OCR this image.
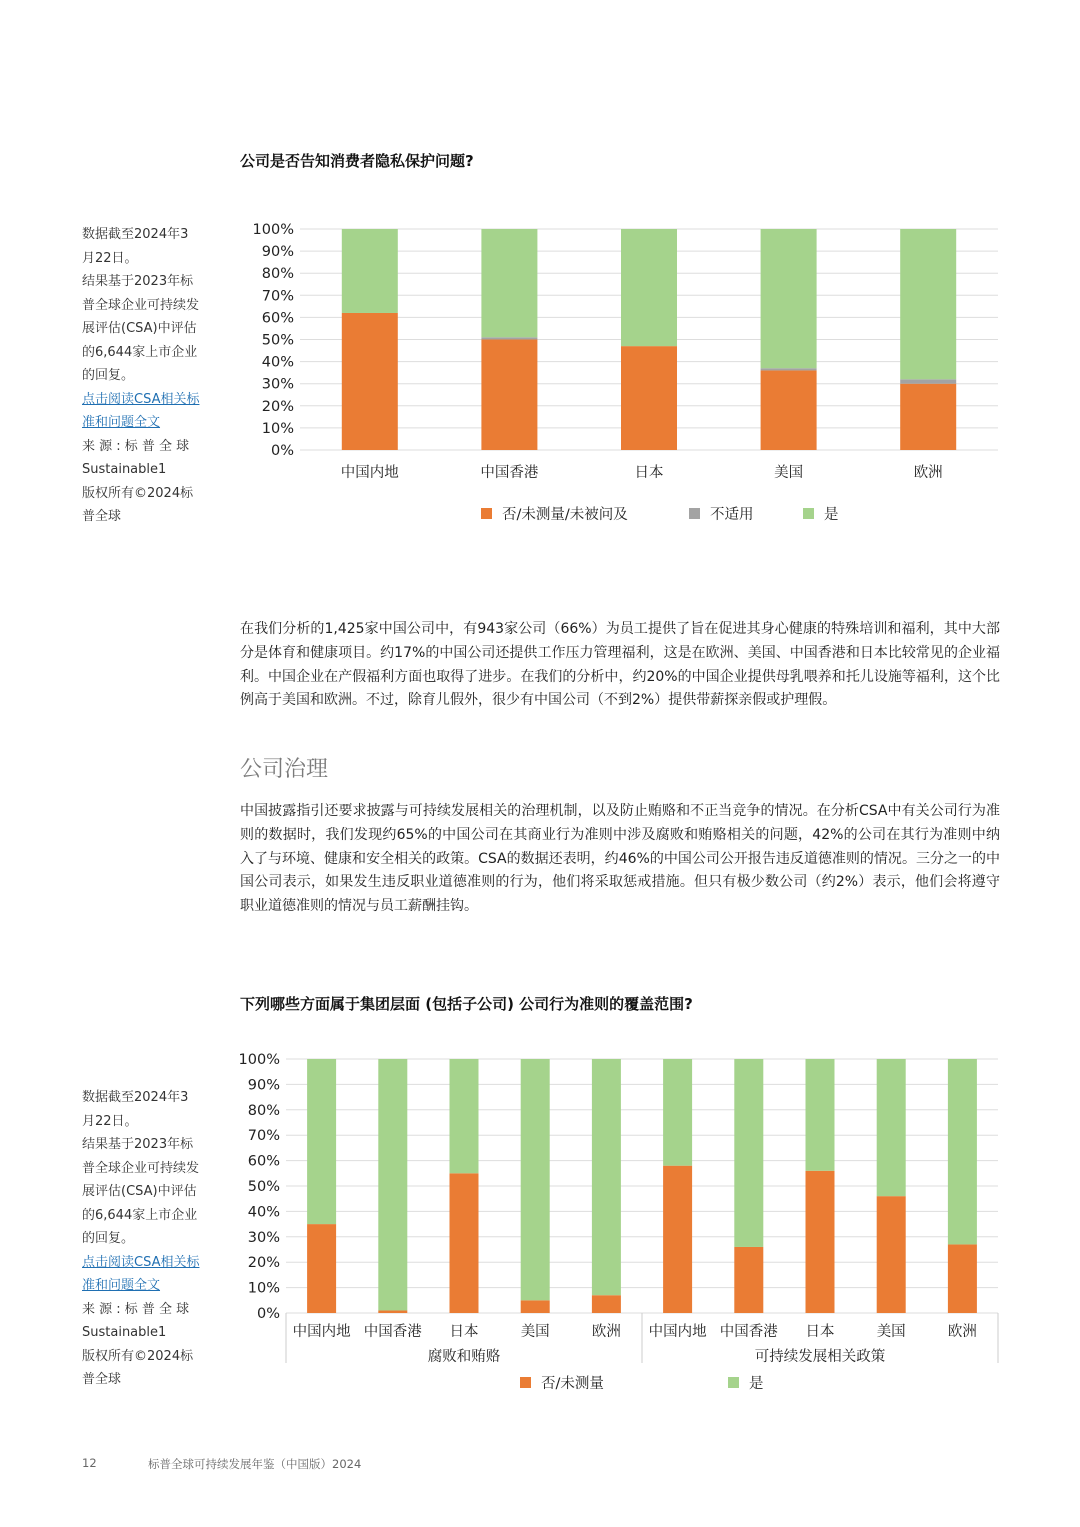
公司是否告知消费者隐私保护问题?
数据截至2024年3
月22日。
结果基于2023年标
普全球企业可持续发
展评估(CSA)中评估
的6,644家上市企业
的回复。
点击阅读CSA相关标
准和问题全文
来 源 : 标 普 全 球
Sustainable1
版权所有©2024标
普全球
0%
10%
20%
30%
40%
50%
60%
70%
80%
90%
100%
中国内地	中国香港	日本	美国	欧洲
否/未测量/未被问及	不适用	是

在我们分析的1,425家中国公司中，有943家公司（66%）为员工提供了旨在促进其身心健康的特殊培训和福利，其中大部分是体育和健康项目。约17%的中国公司还提供工作压力管理福利，这是在欧洲、美国、中国香港和日本比较常见的企业福利。中国企业在产假福利方面也取得了进步。在我们的分析中，约20%的中国企业提供母乳喂养和托儿设施等福利，这个比例高于美国和欧洲。不过，除育儿假外，很少有中国公司（不到2%）提供带薪探亲假或护理假。

公司治理

中国披露指引还要求披露与可持续发展相关的治理机制，以及防止贿赂和不正当竞争的情况。在分析CSA中有关公司行为准则的数据时，我们发现约65%的中国公司在其商业行为准则中涉及腐败和贿赂相关的问题，42%的公司在其行为准则中纳入了与环境、健康和安全相关的政策。CSA的数据还表明，约46%的中国公司公开报告违反道德准则的情况。三分之一的中国公司表示，如果发生违反职业道德准则的行为，他们将采取惩戒措施。但只有极少数公司（约2%）表示，他们会将遵守职业道德准则的情况与员工薪酬挂钩。

下列哪些方面属于集团层面 (包括子公司) 公司行为准则的覆盖范围?
数据截至2024年3
月22日。
结果基于2023年标
普全球企业可持续发
展评估(CSA)中评估
的6,644家上市企业
的回复。
点击阅读CSA相关标
准和问题全文
来 源 : 标 普 全 球
Sustainable1
版权所有©2024标
普全球
0%
10%
20%
30%
40%
50%
60%
70%
80%
90%
100%
中国内地 中国香港 日本	美国	欧洲 中国内地 中国香港 日本	美国	欧洲
腐败和贿赂	可持续发展相关政策
否/未测量	是
12	标普全球可持续发展年鉴（中国版）2024
